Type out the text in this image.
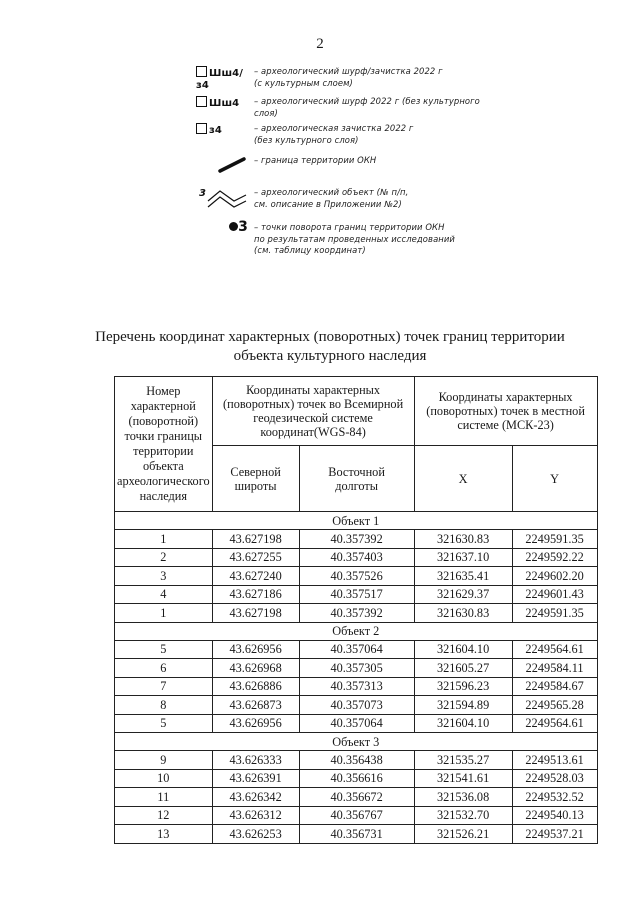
2
Шш4/з4
– археологический шурф/зачистка 2022 г
(с культурным слоем)
Шш4	– археологический шурф 2022 г (без культурного слоя)
з4	– археологическая зачистка 2022 г
(без культурного слоя)
– граница территории ОКН
3	– археологический объект (№ п/п,
см. описание в Приложении №2)
3 – точки поворота границ территории ОКН
по результатам проведенных исследований
(см. таблицу координат)
Перечень координат характерных (поворотных) точек границ территории
объекта культурного наследия
Номер характерной (поворотной) точки границы территории объекта археологического наследия	Координаты характерных (поворотных) точек во Всемирной геодезической системе координат(WGS-84)		Координаты характерных (поворотных) точек в местной системе (МСК-23)	
	Северной широты	Восточной долготы	X	Y
Объект 1				
1	43.627198	40.357392	321630.83	2249591.35
2	43.627255	40.357403	321637.10	2249592.22
3	43.627240	40.357526	321635.41	2249602.20
4	43.627186	40.357517	321629.37	2249601.43
1	43.627198	40.357392	321630.83	2249591.35
Объект 2				
5	43.626956	40.357064	321604.10	2249564.61
6	43.626968	40.357305	321605.27	2249584.11
7	43.626886	40.357313	321596.23	2249584.67
8	43.626873	40.357073	321594.89	2249565.28
5	43.626956	40.357064	321604.10	2249564.61
Объект 3				
9	43.626333	40.356438	321535.27	2249513.61
10	43.626391	40.356616	321541.61	2249528.03
11	43.626342	40.356672	321536.08	2249532.52
12	43.626312	40.356767	321532.70	2249540.13
13	43.626253	40.356731	321526.21	2249537.21
